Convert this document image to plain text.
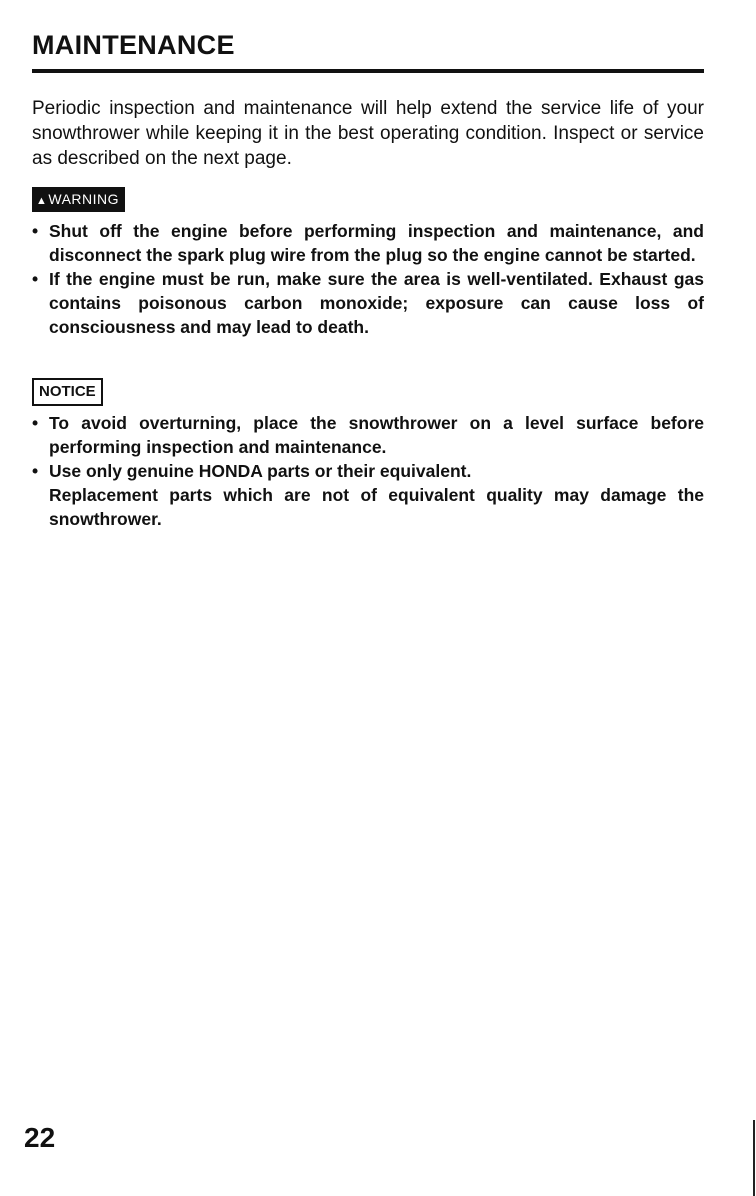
MAINTENANCE

Periodic inspection and maintenance will help extend the service life of your snowthrower while keeping it in the best operating condition. Inspect or service as described on the next page.

▲WARNING
• Shut off the engine before performing inspection and maintenance, and disconnect the spark plug wire from the plug so the engine cannot be started.
• If the engine must be run, make sure the area is well-ventilated. Exhaust gas contains poisonous carbon monoxide; exposure can cause loss of consciousness and may lead to death.
NOTICE
• To avoid overturning, place the snowthrower on a level surface before performing inspection and maintenance.
• Use only genuine HONDA parts or their equivalent.
Replacement parts which are not of equivalent quality may damage the snowthrower.
22
